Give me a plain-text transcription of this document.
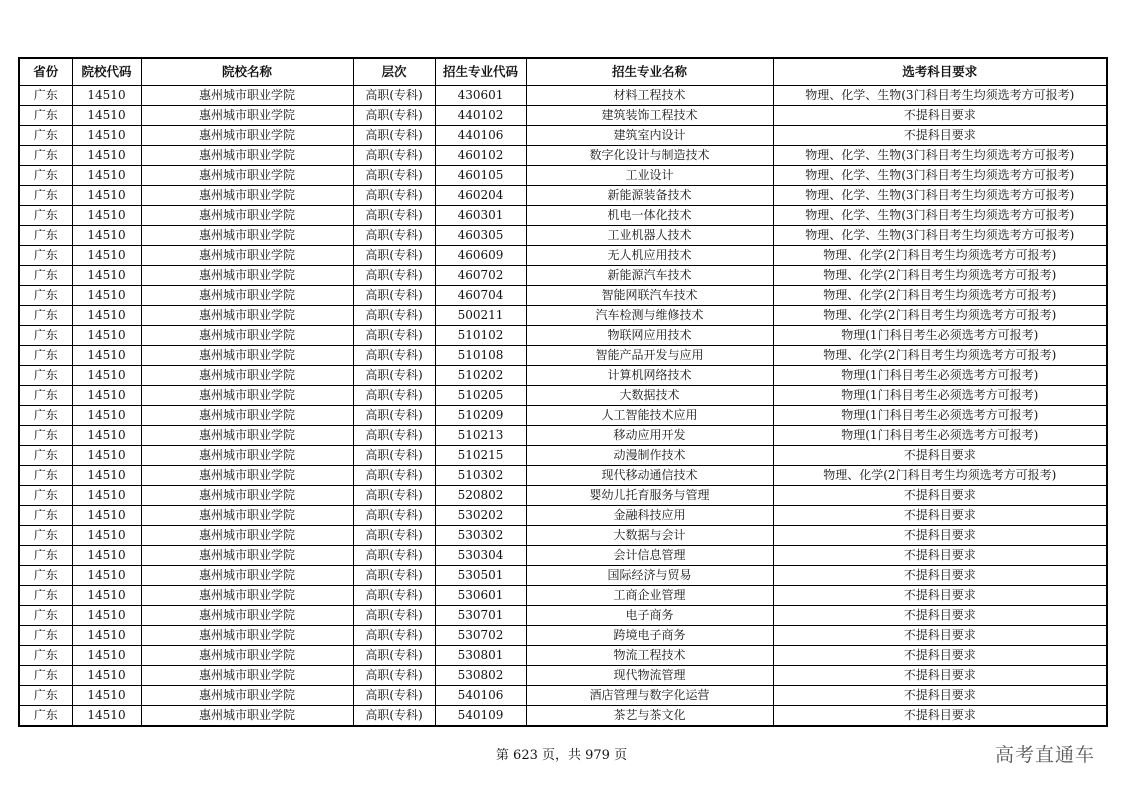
省份	院校代码	院校名称	层次	招生专业代码	招生专业名称	选考科目要求
广东	14510	惠州城市职业学院	高职(专科)	430601	材料工程技术	物理、化学、生物(3门科目考生均须选考方可报考)
广东	14510	惠州城市职业学院	高职(专科)	440102	建筑装饰工程技术	不提科目要求
广东	14510	惠州城市职业学院	高职(专科)	440106	建筑室内设计	不提科目要求
广东	14510	惠州城市职业学院	高职(专科)	460102	数字化设计与制造技术	物理、化学、生物(3门科目考生均须选考方可报考)
广东	14510	惠州城市职业学院	高职(专科)	460105	工业设计	物理、化学、生物(3门科目考生均须选考方可报考)
广东	14510	惠州城市职业学院	高职(专科)	460204	新能源装备技术	物理、化学、生物(3门科目考生均须选考方可报考)
广东	14510	惠州城市职业学院	高职(专科)	460301	机电一体化技术	物理、化学、生物(3门科目考生均须选考方可报考)
广东	14510	惠州城市职业学院	高职(专科)	460305	工业机器人技术	物理、化学、生物(3门科目考生均须选考方可报考)
广东	14510	惠州城市职业学院	高职(专科)	460609	无人机应用技术	物理、化学(2门科目考生均须选考方可报考)
广东	14510	惠州城市职业学院	高职(专科)	460702	新能源汽车技术	物理、化学(2门科目考生均须选考方可报考)
广东	14510	惠州城市职业学院	高职(专科)	460704	智能网联汽车技术	物理、化学(2门科目考生均须选考方可报考)
广东	14510	惠州城市职业学院	高职(专科)	500211	汽车检测与维修技术	物理、化学(2门科目考生均须选考方可报考)
广东	14510	惠州城市职业学院	高职(专科)	510102	物联网应用技术	物理(1门科目考生必须选考方可报考)
广东	14510	惠州城市职业学院	高职(专科)	510108	智能产品开发与应用	物理、化学(2门科目考生均须选考方可报考)
广东	14510	惠州城市职业学院	高职(专科)	510202	计算机网络技术	物理(1门科目考生必须选考方可报考)
广东	14510	惠州城市职业学院	高职(专科)	510205	大数据技术	物理(1门科目考生必须选考方可报考)
广东	14510	惠州城市职业学院	高职(专科)	510209	人工智能技术应用	物理(1门科目考生必须选考方可报考)
广东	14510	惠州城市职业学院	高职(专科)	510213	移动应用开发	物理(1门科目考生必须选考方可报考)
广东	14510	惠州城市职业学院	高职(专科)	510215	动漫制作技术	不提科目要求
广东	14510	惠州城市职业学院	高职(专科)	510302	现代移动通信技术	物理、化学(2门科目考生均须选考方可报考)
广东	14510	惠州城市职业学院	高职(专科)	520802	婴幼儿托育服务与管理	不提科目要求
广东	14510	惠州城市职业学院	高职(专科)	530202	金融科技应用	不提科目要求
广东	14510	惠州城市职业学院	高职(专科)	530302	大数据与会计	不提科目要求
广东	14510	惠州城市职业学院	高职(专科)	530304	会计信息管理	不提科目要求
广东	14510	惠州城市职业学院	高职(专科)	530501	国际经济与贸易	不提科目要求
广东	14510	惠州城市职业学院	高职(专科)	530601	工商企业管理	不提科目要求
广东	14510	惠州城市职业学院	高职(专科)	530701	电子商务	不提科目要求
广东	14510	惠州城市职业学院	高职(专科)	530702	跨境电子商务	不提科目要求
广东	14510	惠州城市职业学院	高职(专科)	530801	物流工程技术	不提科目要求
广东	14510	惠州城市职业学院	高职(专科)	530802	现代物流管理	不提科目要求
广东	14510	惠州城市职业学院	高职(专科)	540106	酒店管理与数字化运营	不提科目要求
广东	14510	惠州城市职业学院	高职(专科)	540109	茶艺与茶文化	不提科目要求
第 623 页，共 979 页	高考直通车
